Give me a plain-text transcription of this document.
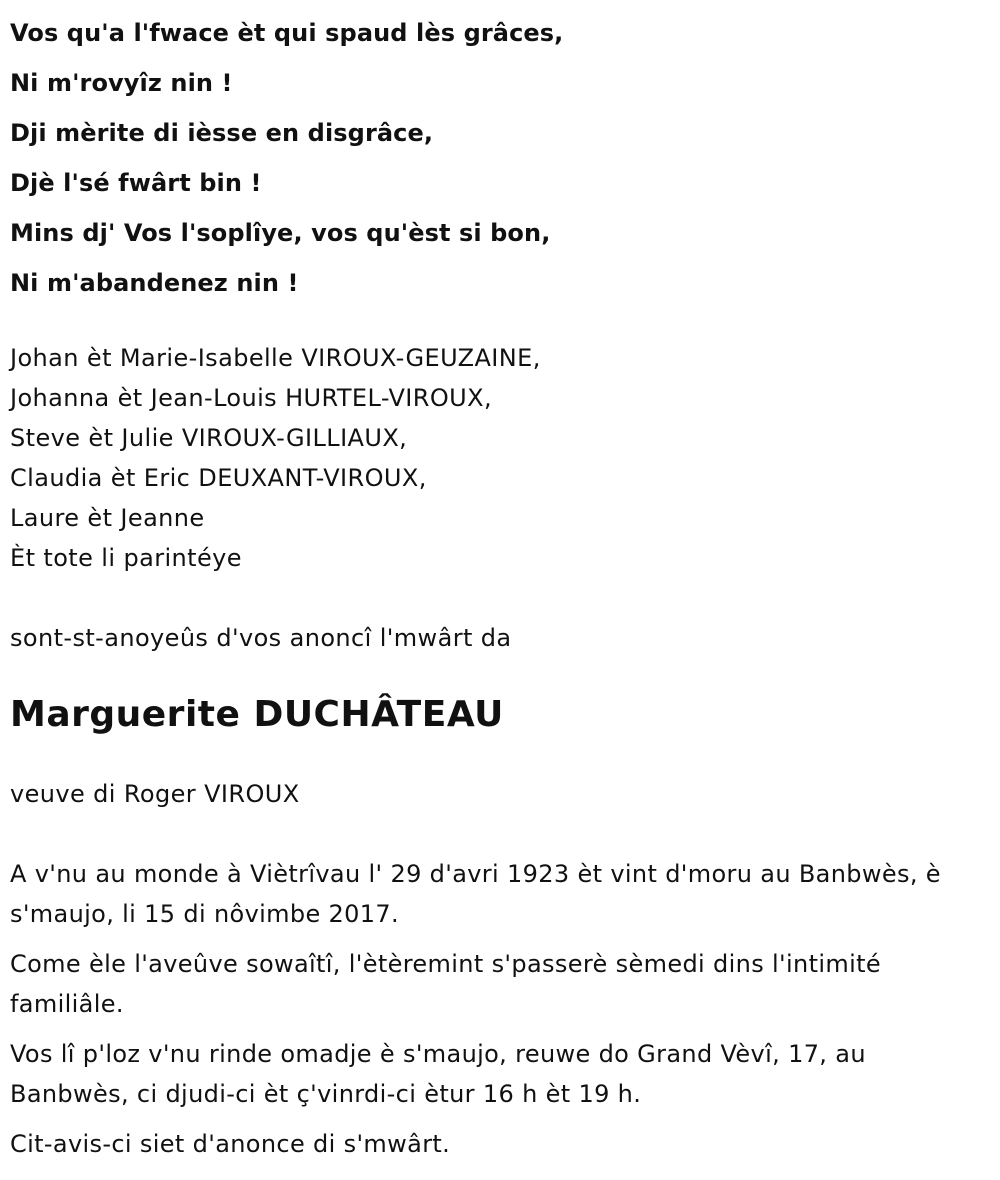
Vos qu'a l'fwace èt qui spaud lès grâces,
Ni m'rovyîz nin !
Dji mèrite di ièsse en disgrâce,
Djè l'sé fwârt bin !
Mins dj' Vos l'soplîye, vos qu'èst si bon,
Ni m'abandenez nin !
Johan èt Marie-Isabelle VIROUX-GEUZAINE,
Johanna èt Jean-Louis HURTEL-VIROUX,
Steve èt Julie VIROUX-GILLIAUX,
Claudia èt Eric DEUXANT-VIROUX,
Laure èt Jeanne
Èt tote li parintéye
sont-st-anoyeûs d'vos anoncî l'mwârt da
Marguerite DUCHÂTEAU
veuve di Roger VIROUX

A v'nu au monde à Viètrîvau l' 29 d'avri 1923 èt vint d'moru au Banbwès, è s'maujo, li 15 di nôvimbe 2017.

Come èle l'aveûve sowaîtî, l'ètèremint s'passerè sèmedi dins l'intimité familiâle.

Vos lî p'loz v'nu rinde omadje è s'maujo, reuwe do Grand Vèvî, 17, au Banbwès, ci djudi-ci èt ç'vinrdi-ci ètur 16 h èt 19 h.

Cit-avis-ci siet d'anonce di s'mwârt.
